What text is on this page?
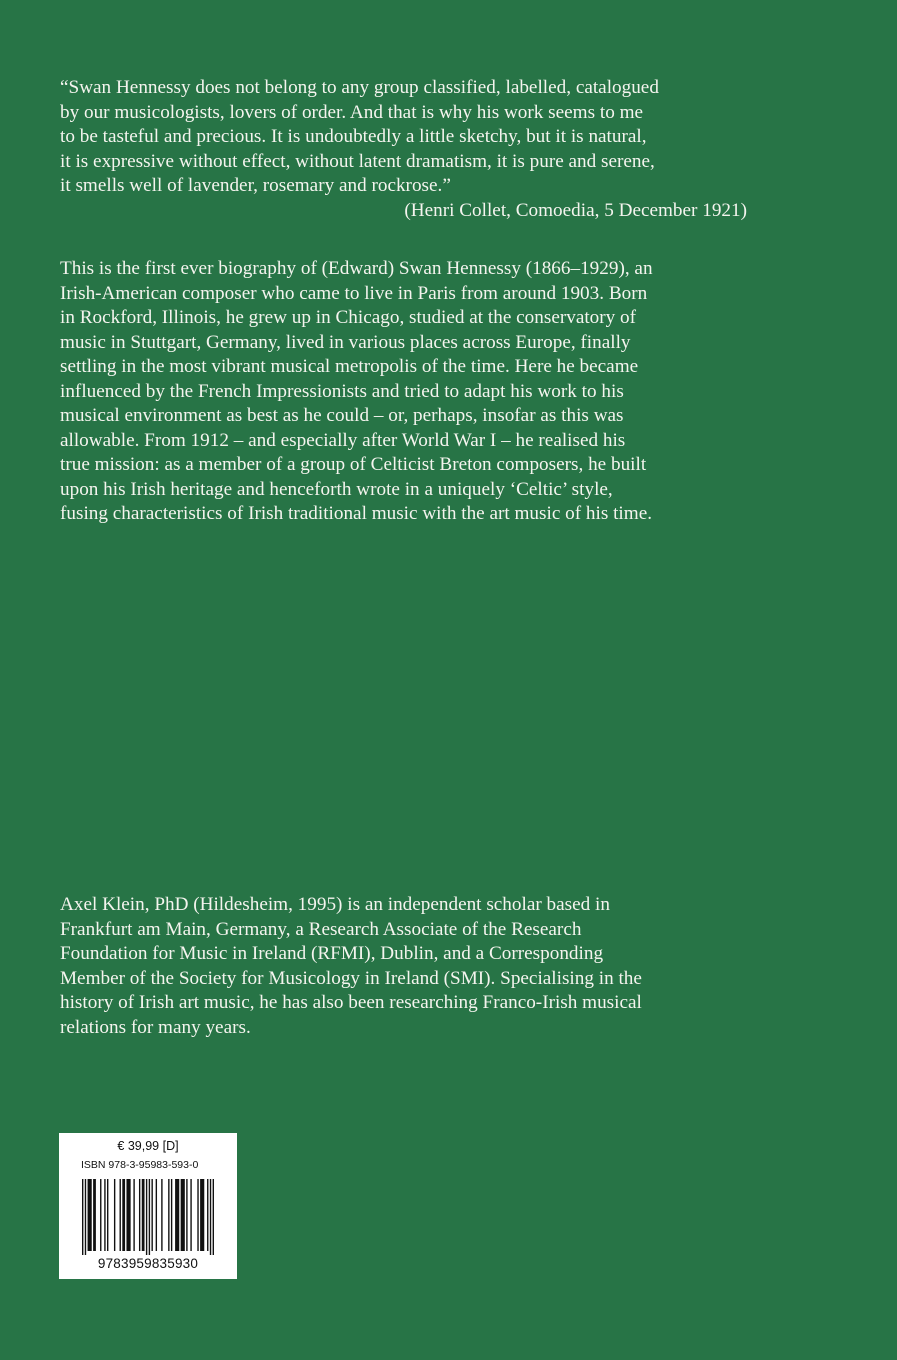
“Swan Hennessy does not belong to any group classified, labelled, catalogued
by our musicologists, lovers of order. And that is why his work seems to me
to be tasteful and precious. It is undoubtedly a little sketchy, but it is natural,
it is expressive without effect, without latent dramatism, it is pure and serene,
it smells well of lavender, rosemary and rockrose.”
(Henri Collet, Comoedia, 5 December 1921)
This is the first ever biography of (Edward) Swan Hennessy (1866–1929), an
Irish-American composer who came to live in Paris from around 1903. Born
in Rockford, Illinois, he grew up in Chicago, studied at the conservatory of
music in Stuttgart, Germany, lived in various places across Europe, finally
settling in the most vibrant musical metropolis of the time. Here he became
influenced by the French Impressionists and tried to adapt his work to his
musical environment as best as he could – or, perhaps, insofar as this was
allowable. From 1912 – and especially after World War I – he realised his
true mission: as a member of a group of Celticist Breton composers, he built
upon his Irish heritage and henceforth wrote in a uniquely ‘Celtic’ style,
fusing characteristics of Irish traditional music with the art music of his time.
Axel Klein, PhD (Hildesheim, 1995) is an independent scholar based in
Frankfurt am Main, Germany, a Research Associate of the Research
Foundation for Music in Ireland (RFMI), Dublin, and a Corresponding
Member of the Society for Musicology in Ireland (SMI). Specialising in the
history of Irish art music, he has also been researching Franco-Irish musical
relations for many years.
€ 39,99 [D]
ISBN 978-3-95983-593-0
9783959835930
